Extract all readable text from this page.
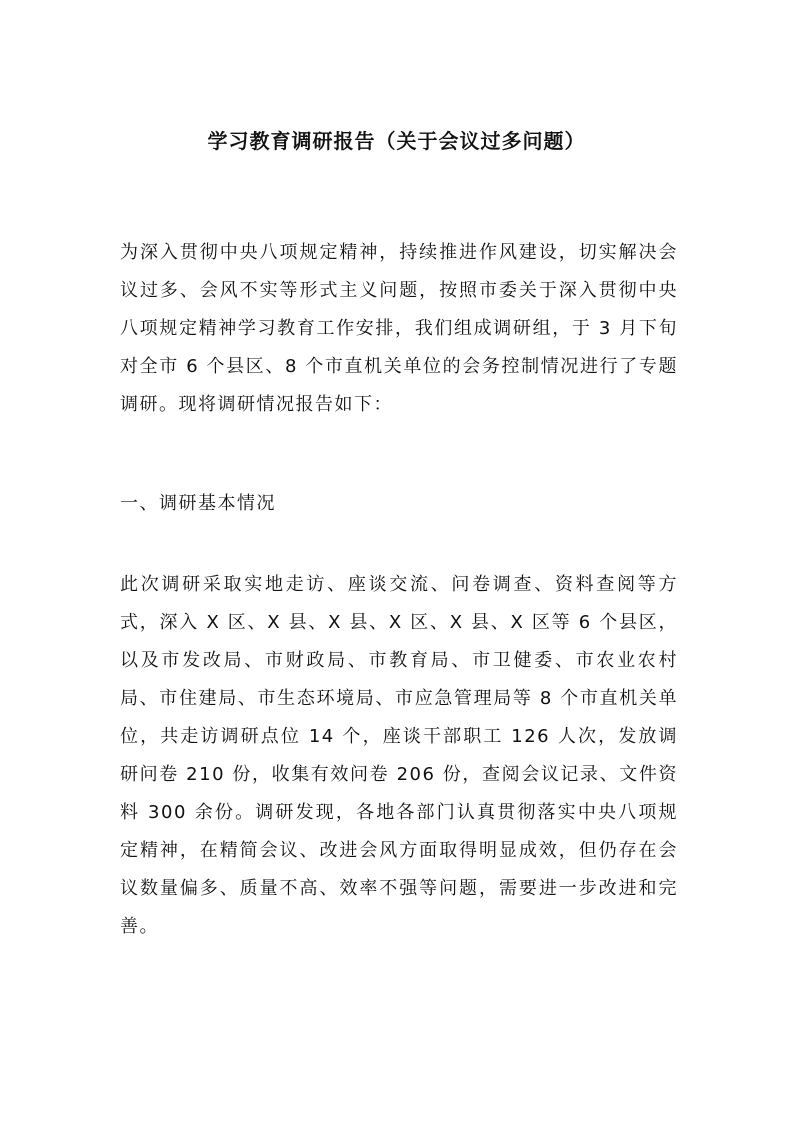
学习教育调研报告（关于会议过多问题）

为深入贯彻中央八项规定精神，持续推进作风建设，切实解决会议过多、会风不实等形式主义问题，按照市委关于深入贯彻中央八项规定精神学习教育工作安排，我们组成调研组，于 3 月下旬对全市 6 个县区、8 个市直机关单位的会务控制情况进行了专题调研。现将调研情况报告如下：

一、调研基本情况

此次调研采取实地走访、座谈交流、问卷调查、资料查阅等方式，深入 X 区、X 县、X 县、X 区、X 县、X 区等 6 个县区，以及市发改局、市财政局、市教育局、市卫健委、市农业农村局、市住建局、市生态环境局、市应急管理局等 8 个市直机关单位，共走访调研点位 14 个，座谈干部职工 126 人次，发放调研问卷 210 份，收集有效问卷 206 份，查阅会议记录、文件资料 300 余份。调研发现，各地各部门认真贯彻落实中央八项规定精神，在精简会议、改进会风方面取得明显成效，但仍存在会议数量偏多、质量不高、效率不强等问题，需要进一步改进和完善。
